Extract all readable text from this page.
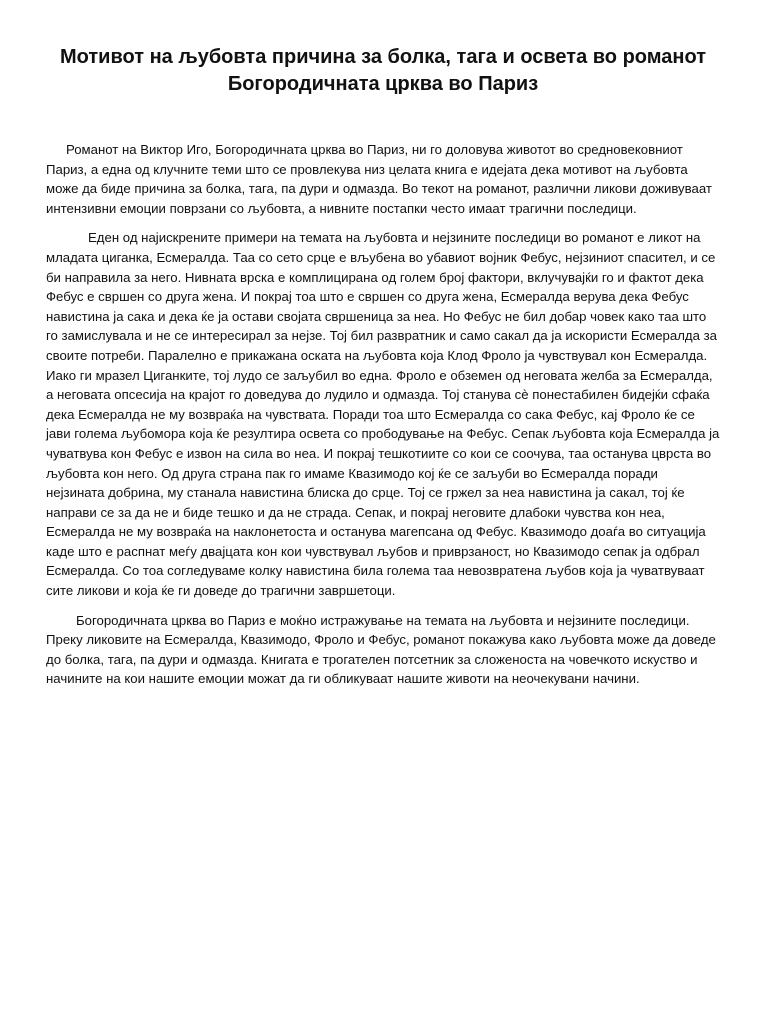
Мотивот на љубовта причина за болка, тага и освета во романот
Богородичната црква во Париз

Романот на Виктор Иго, Богородичната црква во Париз, ни го доловува животот во средновековниот Париз, а една од клучните теми што се провлекува низ целата книга е идејата дека мотивот на љубовта може да биде причина за болка, тага, па дури и одмазда. Во текот на романот, различни ликови доживуваат интензивни емоции поврзани со љубовта, а нивните постапки често имаат трагични последици.

Еден од најискрените примери на темата на љубовта и нејзините последици во романот е ликот на младата циганка, Есмералда. Таа со сето срце е вљубена во убавиот војник Фебус, нејзиниот спасител, и се би направила за него. Нивната врска е комплицирана од голем број фактори, вклучувајќи го и фактот дека Фебус е свршен со друга жена. И покрај тоа што е свршен со друга жена, Есмералда верува дека Фебус навистина ја сака и дека ќе ја остави својата свршеница за неа. Но Фебус не бил добар човек како таа што го замислувала и не се интересирал за нејзе. Тој бил развратник и само сакал да ја искористи Есмералда за своите потреби. Паралелно е прикажана оската на љубовта која Клод Фроло ја чувствувал кон Есмералда. Иако ги мразел Циганките, тој лудо се заљубил во една. Фроло е обземен од неговата желба за Есмералда, а неговата опсесија на крајот го доведува до лудило и одмазда. Тој станува сè понестабилен бидејќи сфаќа дека Есмералда не му возвраќа на чувствата. Поради тоа што Есмералда со сака Фебус, кај Фроло ќе се јави голема љубомора која ќе резултира освета со прободување на Фебус. Сепак љубовта која Есмералда ја чуватвува кон Фебус е извон на сила во неа. И покрај тешкотиите со кои се соочува, таа останува цврста во љубовта кон него. Од друга страна пак го имаме Квазимодо кој ќе се заљуби во Есмералда поради нејзината добрина, му станала навистина блиска до срце. Тој се гржел за неа навистина ја сакал, тој ќе направи се за да не и биде тешко и да не страда. Сепак, и покрај неговите длабоки чувства кон неа, Есмералда не му возвраќа на наклонетоста и останува магепсана од Фебус. Квазимодо доаѓа во ситуација каде што е распнат меѓу двајцата кон кои чувствувал љубов и приврзаност, но Квазимодо сепак ја одбрал Есмералда. Со тоа согледуваме колку навистина била голема таа невозвратена љубов која ја чуватвуваат сите ликови и која ќе ги доведе до трагични завршетоци.

Богородичната црква во Париз е моќно истражување на темата на љубовта и нејзините последици. Преку ликовите на Есмералда, Квазимодо, Фроло и Фебус, романот покажува како љубовта може да доведе до болка, тага, па дури и одмазда. Книгата е трогателен потсетник за сложеноста на човечкото искуство и начините на кои нашите емоции можат да ги обликуваат нашите животи на неочекувани начини.
